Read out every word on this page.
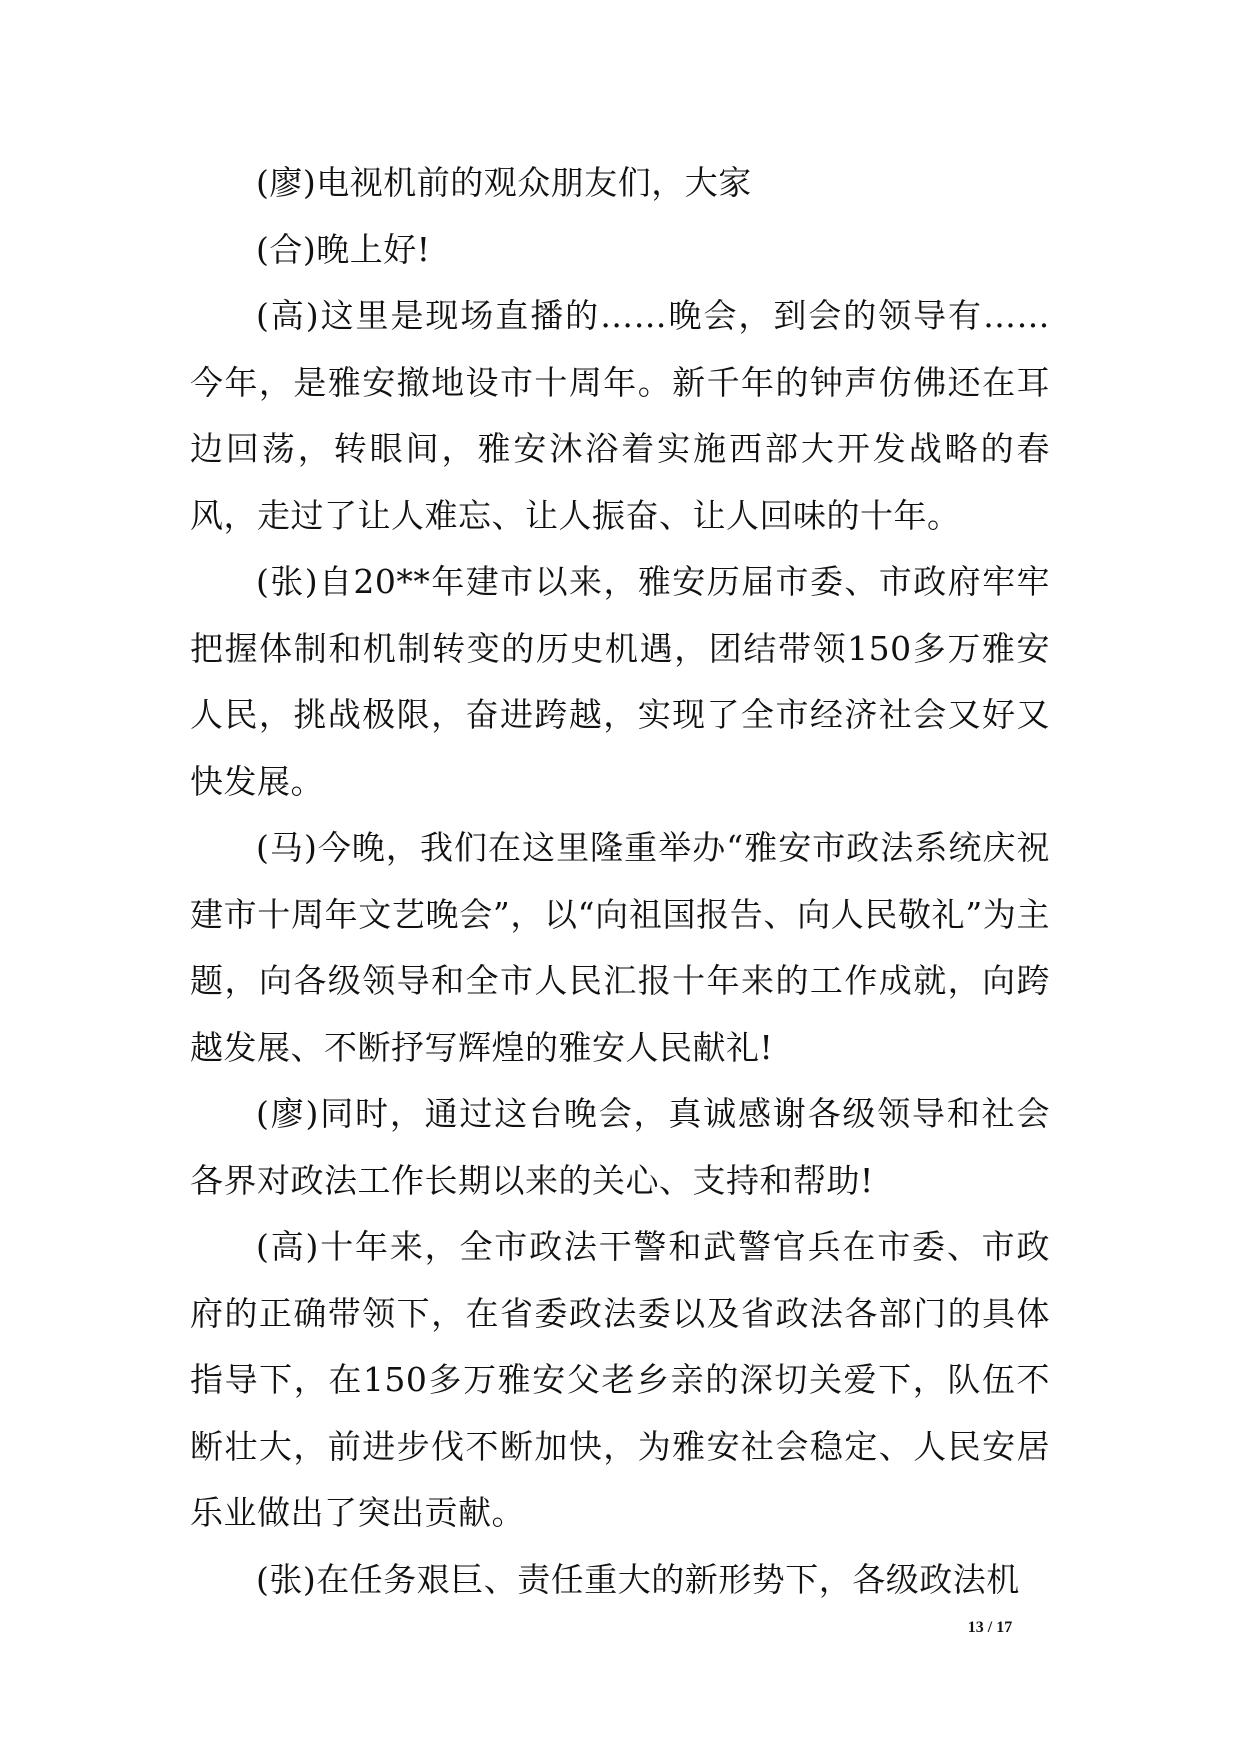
(廖)电视机前的观众朋友们，大家

(合)晚上好!

(高)这里是现场直播的……晚会，到会的领导有……今年，是雅安撤地设市十周年。新千年的钟声仿佛还在耳边回荡，转眼间，雅安沐浴着实施西部大开发战略的春风，走过了让人难忘、让人振奋、让人回味的十年。

(张)自20**年建市以来，雅安历届市委、市政府牢牢把握体制和机制转变的历史机遇，团结带领150多万雅安人民，挑战极限，奋进跨越，实现了全市经济社会又好又快发展。

(马)今晚，我们在这里隆重举办“雅安市政法系统庆祝建市十周年文艺晚会”，以“向祖国报告、向人民敬礼”为主题，向各级领导和全市人民汇报十年来的工作成就，向跨越发展、不断抒写辉煌的雅安人民献礼!

(廖)同时，通过这台晚会，真诚感谢各级领导和社会各界对政法工作长期以来的关心、支持和帮助!

(高)十年来，全市政法干警和武警官兵在市委、市政府的正确带领下，在省委政法委以及省政法各部门的具体指导下，在150多万雅安父老乡亲的深切关爱下，队伍不断壮大，前进步伐不断加快，为雅安社会稳定、人民安居乐业做出了突出贡献。

(张)在任务艰巨、责任重大的新形势下，各级政法机

13 / 17
